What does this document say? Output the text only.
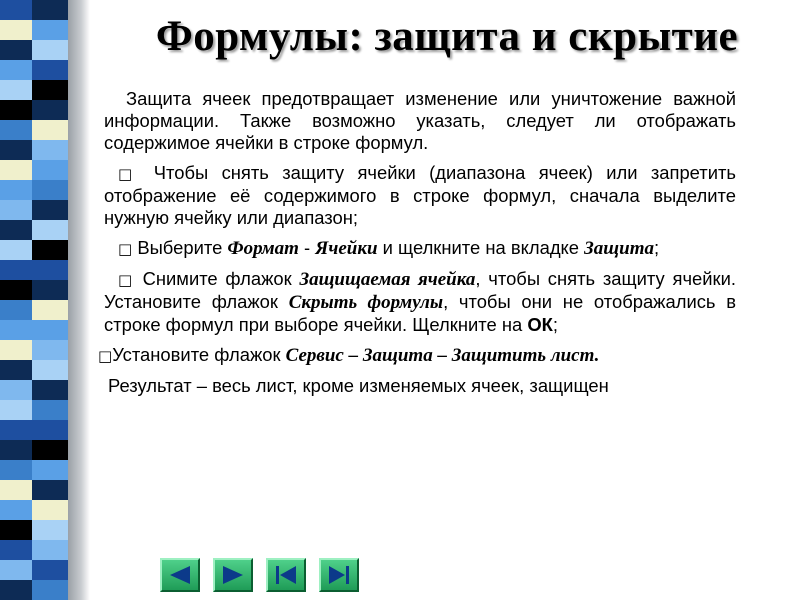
Формулы: защита и скрытие

Защита ячеек предотвращает изменение или уничтожение важной информации. Также возможно указать, следует ли отображать содержимое ячейки в строке формул.

□ Чтобы снять защиту ячейки (диапазона ячеек) или запретить отображение её содержимого в строке формул, сначала выделите нужную ячейку или диапазон;

□ Выберите Формат - Ячейки и щелкните на вкладке Защита;

□ Снимите флажок Защищаемая ячейка, чтобы снять защиту ячейки. Установите флажок Скрыть формулы, чтобы они не отображались в строке формул при выборе ячейки. Щелкните на ОК;

□Установите флажок Сервис – Защита – Защитить лист.

Результат – весь лист, кроме изменяемых ячеек, защищен
